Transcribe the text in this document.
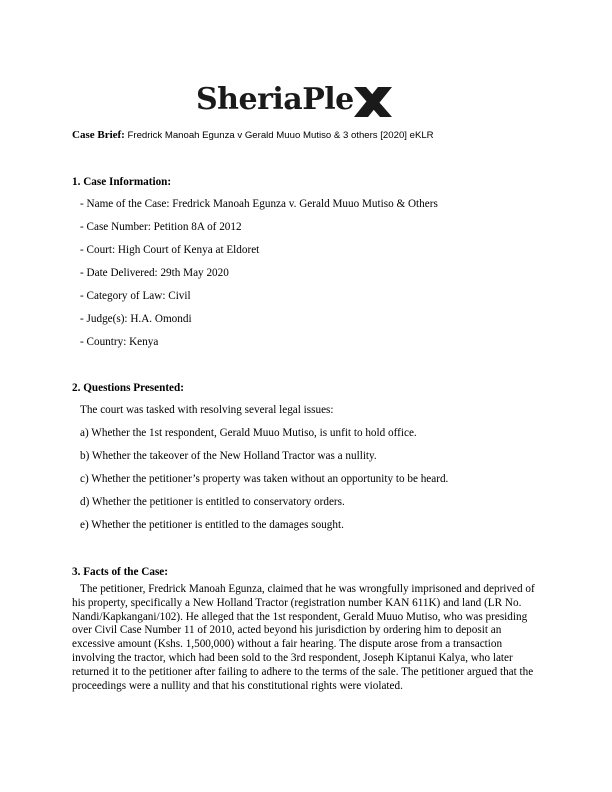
SheriaPle
Case Brief: Fredrick Manoah Egunza v Gerald Muuo Mutiso & 3 others [2020] eKLR
1. Case Information:
- Name of the Case: Fredrick Manoah Egunza v. Gerald Muuo Mutiso & Others
- Case Number: Petition 8A of 2012
- Court: High Court of Kenya at Eldoret
- Date Delivered: 29th May 2020
- Category of Law: Civil
- Judge(s): H.A. Omondi
- Country: Kenya
2. Questions Presented:
The court was tasked with resolving several legal issues:
a) Whether the 1st respondent, Gerald Muuo Mutiso, is unfit to hold office.
b) Whether the takeover of the New Holland Tractor was a nullity.
c) Whether the petitioner’s property was taken without an opportunity to be heard.
d) Whether the petitioner is entitled to conservatory orders.
e) Whether the petitioner is entitled to the damages sought.
3. Facts of the Case:
The petitioner, Fredrick Manoah Egunza, claimed that he was wrongfully imprisoned and deprived of his property, specifically a New Holland Tractor (registration number KAN 611K) and land (LR No. Nandi/Kapkangani/102). He alleged that the 1st respondent, Gerald Muuo Mutiso, who was presiding over Civil Case Number 11 of 2010, acted beyond his jurisdiction by ordering him to deposit an excessive amount (Kshs. 1,500,000) without a fair hearing. The dispute arose from a transaction involving the tractor, which had been sold to the 3rd respondent, Joseph Kiptanui Kalya, who later returned it to the petitioner after failing to adhere to the terms of the sale. The petitioner argued that the proceedings were a nullity and that his constitutional rights were violated.
